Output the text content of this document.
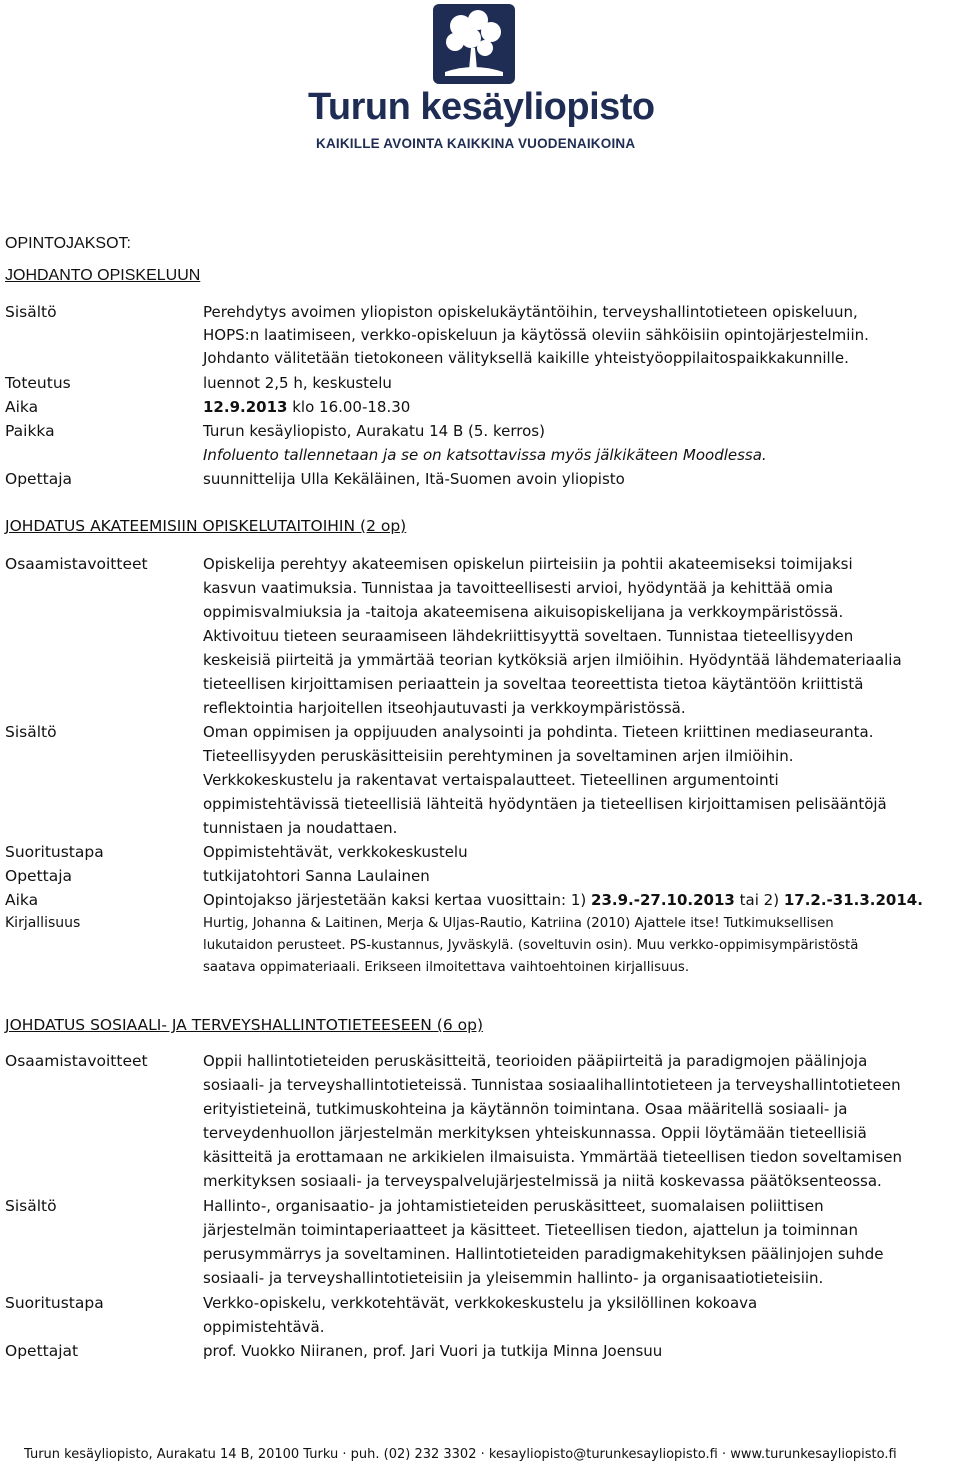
Turun kesäyliopisto
KAIKILLE AVOINTA KAIKKINA VUODENAIKOINA
OPINTOJAKSOT:
JOHDANTO OPISKELUUN
Sisältö	Perehdytys avoimen yliopiston opiskelukäytäntöihin, terveyshallintotieteen opiskeluun,
HOPS:n laatimiseen, verkko-opiskeluun ja käytössä oleviin sähköisiin opintojärjestelmiin.
Johdanto välitetään tietokoneen välityksellä kaikille yhteistyöoppilaitospaikkakunnille.
Toteutus	luennot 2,5 h, keskustelu
Aika	12.9.2013 klo 16.00-18.30
Paikka	Turun kesäyliopisto, Aurakatu 14 B (5. kerros)
Infoluento tallennetaan ja se on katsottavissa myös jälkikäteen Moodlessa.
Opettaja	suunnittelija Ulla Kekäläinen, Itä-Suomen avoin yliopisto
JOHDATUS AKATEEMISIIN OPISKELUTAITOIHIN (2 op)
Osaamistavoitteet	Opiskelija perehtyy akateemisen opiskelun piirteisiin ja pohtii akateemiseksi toimijaksi
kasvun vaatimuksia. Tunnistaa ja tavoitteellisesti arvioi, hyödyntää ja kehittää omia
oppimisvalmiuksia ja -taitoja akateemisena aikuisopiskelijana ja verkkoympäristössä.
Aktivoituu tieteen seuraamiseen lähdekriittisyyttä soveltaen. Tunnistaa tieteellisyyden
keskeisiä piirteitä ja ymmärtää teorian kytköksiä arjen ilmiöihin. Hyödyntää lähdemateriaalia
tieteellisen kirjoittamisen periaattein ja soveltaa teoreettista tietoa käytäntöön kriittistä
reflektointia harjoitellen itseohjautuvasti ja verkkoympäristössä.
Sisältö	Oman oppimisen ja oppijuuden analysointi ja pohdinta. Tieteen kriittinen mediaseuranta.
Tieteellisyyden peruskäsitteisiin perehtyminen ja soveltaminen arjen ilmiöihin.
Verkkokeskustelu ja rakentavat vertaispalautteet. Tieteellinen argumentointi
oppimistehtävissä tieteellisiä lähteitä hyödyntäen ja tieteellisen kirjoittamisen pelisääntöjä
tunnistaen ja noudattaen.
Suoritustapa	Oppimistehtävät, verkkokeskustelu
Opettaja	tutkijatohtori Sanna Laulainen
Aika	Opintojakso järjestetään kaksi kertaa vuosittain: 1) 23.9.-27.10.2013 tai 2) 17.2.-31.3.2014.
Kirjallisuus	Hurtig, Johanna & Laitinen, Merja & Uljas-Rautio, Katriina (2010) Ajattele itse! Tutkimuksellisen
lukutaidon perusteet. PS-kustannus, Jyväskylä. (soveltuvin osin). Muu verkko-oppimisympäristöstä
saatava oppimateriaali. Erikseen ilmoitettava vaihtoehtoinen kirjallisuus.
JOHDATUS SOSIAALI- JA TERVEYSHALLINTOTIETEESEEN (6 op)
Osaamistavoitteet	Oppii hallintotieteiden peruskäsitteitä, teorioiden pääpiirteitä ja paradigmojen päälinjoja
sosiaali- ja terveyshallintotieteissä. Tunnistaa sosiaalihallintotieteen ja terveyshallintotieteen
erityistieteinä, tutkimuskohteina ja käytännön toimintana. Osaa määritellä sosiaali- ja
terveydenhuollon järjestelmän merkityksen yhteiskunnassa. Oppii löytämään tieteellisiä
käsitteitä ja erottamaan ne arkikielen ilmaisuista. Ymmärtää tieteellisen tiedon soveltamisen
merkityksen sosiaali- ja terveyspalvelujärjestelmissä ja niitä koskevassa päätöksenteossa.
Sisältö	Hallinto-, organisaatio- ja johtamistieteiden peruskäsitteet, suomalaisen poliittisen
järjestelmän toimintaperiaatteet ja käsitteet. Tieteellisen tiedon, ajattelun ja toiminnan
perusymmärrys ja soveltaminen. Hallintotieteiden paradigmakehityksen päälinjojen suhde
sosiaali- ja terveyshallintotieteisiin ja yleisemmin hallinto- ja organisaatiotieteisiin.
Suoritustapa	Verkko-opiskelu, verkkotehtävät, verkkokeskustelu ja yksilöllinen kokoava
oppimistehtävä.
Opettajat	prof. Vuokko Niiranen, prof. Jari Vuori ja tutkija Minna Joensuu
Turun kesäyliopisto, Aurakatu 14 B, 20100 Turku · puh. (02) 232 3302 · kesayliopisto@turunkesayliopisto.fi · www.turunkesayliopisto.fi
